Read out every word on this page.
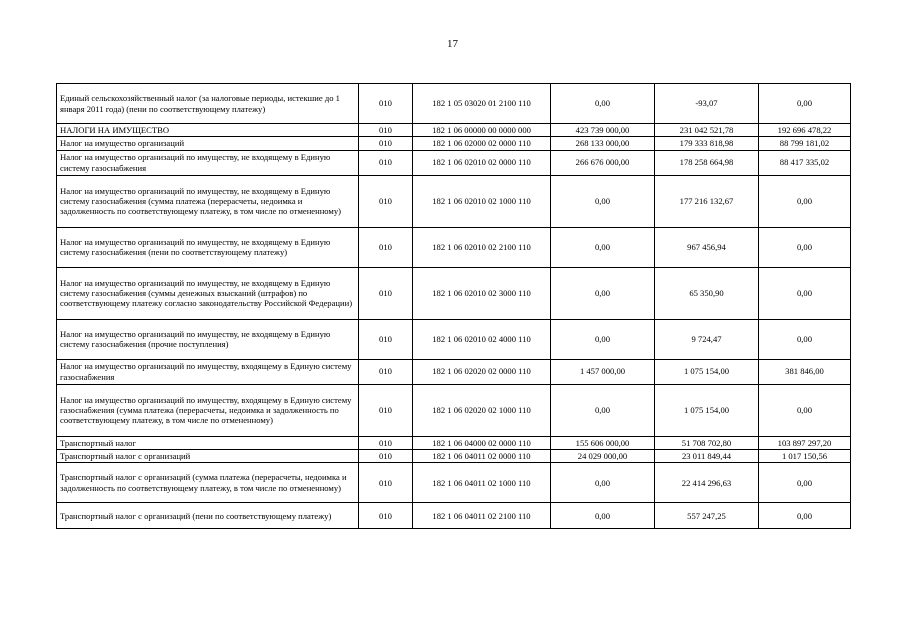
17
Единый сельскохозяйственный налог (за налоговые периоды, истекшие до 1 января 2011 года) (пени по соответствующему платежу)	010	182 1 05 03020 01 2100 110	0,00	-93,07	0,00
НАЛОГИ НА ИМУЩЕСТВО	010	182 1 06 00000 00 0000 000	423 739 000,00	231 042 521,78	192 696 478,22
Налог на имущество организаций	010	182 1 06 02000 02 0000 110	268 133 000,00	179 333 818,98	88 799 181,02
Налог на имущество организаций по имуществу, не входящему в Единую систему газоснабжения	010	182 1 06 02010 02 0000 110	266 676 000,00	178 258 664,98	88 417 335,02
Налог на имущество организаций по имуществу, не входящему в Единую систему газоснабжения (сумма платежа (перерасчеты, недоимка и задолженность по соответствующему платежу, в том числе по отмененному)	010	182 1 06 02010 02 1000 110	0,00	177 216 132,67	0,00
Налог на имущество организаций по имуществу, не входящему в Единую систему газоснабжения (пени по соответствующему платежу)	010	182 1 06 02010 02 2100 110	0,00	967 456,94	0,00
Налог на имущество организаций по имуществу, не входящему в Единую систему газоснабжения (суммы денежных взысканий (штрафов) по соответствующему платежу согласно законодательству Российской Федерации)	010	182 1 06 02010 02 3000 110	0,00	65 350,90	0,00
Налог на имущество организаций по имуществу, не входящему в Единую систему газоснабжения (прочие поступления)	010	182 1 06 02010 02 4000 110	0,00	9 724,47	0,00
Налог на имущество организаций по имуществу, входящему в Единую систему газоснабжения	010	182 1 06 02020 02 0000 110	1 457 000,00	1 075 154,00	381 846,00
Налог на имущество организаций по имуществу, входящему в Единую систему газоснабжения (сумма платежа (перерасчеты, недоимка и задолженность по соответствующему платежу, в том числе по отмененному)	010	182 1 06 02020 02 1000 110	0,00	1 075 154,00	0,00
Транспортный налог	010	182 1 06 04000 02 0000 110	155 606 000,00	51 708 702,80	103 897 297,20
Транспортный налог с организаций	010	182 1 06 04011 02 0000 110	24 029 000,00	23 011 849,44	1 017 150,56
Транспортный налог с организаций (сумма платежа (перерасчеты, недоимка и задолженность по соответствующему платежу, в том числе по отмененному)	010	182 1 06 04011 02 1000 110	0,00	22 414 296,63	0,00
Транспортный налог с организаций (пени по соответствующему платежу)	010	182 1 06 04011 02 2100 110	0,00	557 247,25	0,00
